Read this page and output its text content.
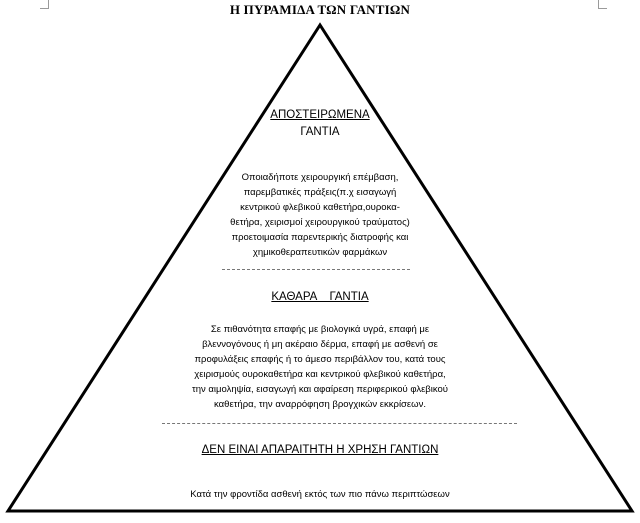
Η ΠΥΡΑΜΙΔΑ ΤΩΝ ΓΑΝΤΙΩΝ
ΑΠΟΣΤΕΙΡΩΜΕΝΑ
ΓΑΝΤΙΑ
Οποιαδήποτε χειρουργική επέμβαση,
παρεμβατικές πράξεις(π.χ εισαγωγή
κεντρικού φλεβικού καθετήρα,ουροκα-
θετήρα, χειρισμοί χειρουργικού τραύματος)
προετοιμασία παρεντερικής διατροφής και
χημικοθεραπευτικών φαρμάκων
ΚΑΘΑΡΑ    ΓΑΝΤΙΑ
Σε πιθανότητα επαφής με βιολογικά υγρά, επαφή με
βλεννογόνους ή μη ακέραιο δέρμα, επαφή με ασθενή σε
προφυλάξεις επαφής ή το άμεσο περιβάλλον του, κατά τους
χειρισμούς ουροκαθετήρα και κεντρικού φλεβικού καθετήρα,
την αιμοληψία, εισαγωγή και αφαίρεση περιφερικού φλεβικού
καθετήρα, την αναρρόφηση βρογχικών εκκρίσεων.
ΔΕΝ ΕΙΝΑΙ ΑΠΑΡΑΙΤΗΤΗ Η ΧΡΗΣΗ ΓΑΝΤΙΩΝ
Κατά την φροντίδα ασθενή εκτός των πιο πάνω περιπτώσεων
